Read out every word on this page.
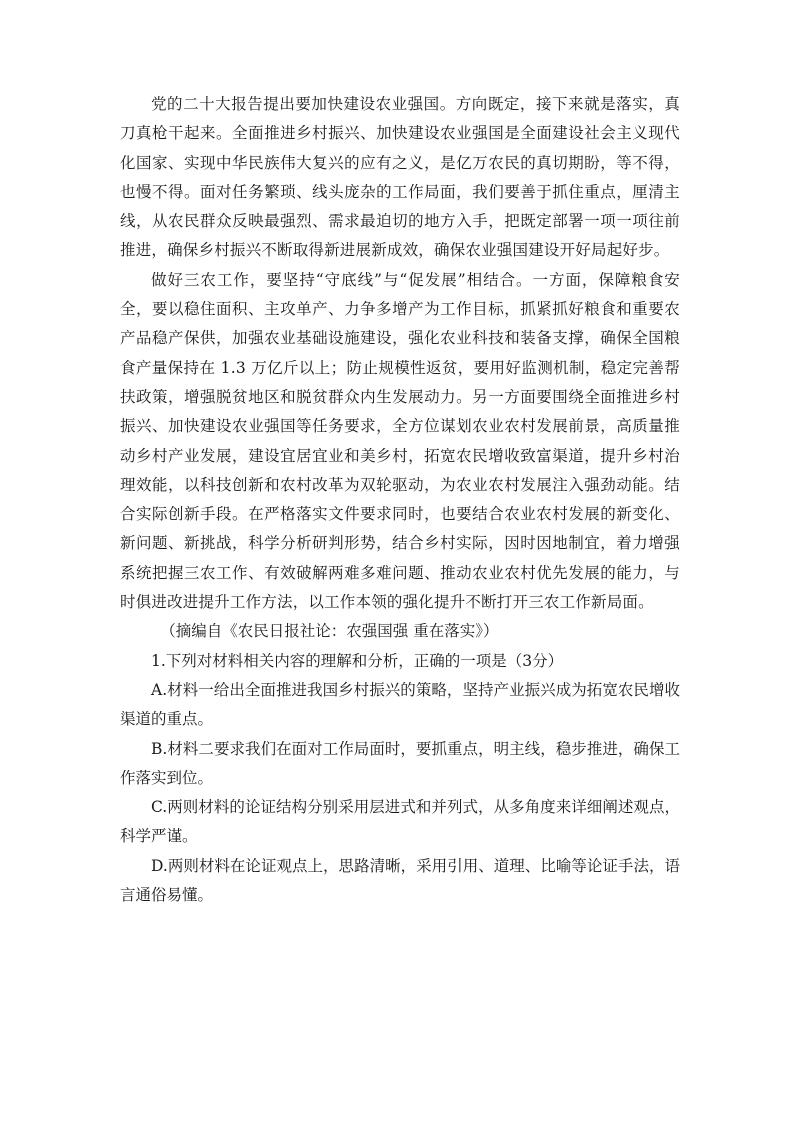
党的二十大报告提出要加快建设农业强国。方向既定，接下来就是落实，真刀真枪干起来。全面推进乡村振兴、加快建设农业强国是全面建设社会主义现代化国家、实现中华民族伟大复兴的应有之义，是亿万农民的真切期盼，等不得，也慢不得。面对任务繁琐、线头庞杂的工作局面，我们要善于抓住重点，厘清主线，从农民群众反映最强烈、需求最迫切的地方入手，把既定部署一项一项往前推进，确保乡村振兴不断取得新进展新成效，确保农业强国建设开好局起好步。

做好三农工作，要坚持“守底线”与“促发展”相结合。一方面，保障粮食安全，要以稳住面积、主攻单产、力争多增产为工作目标，抓紧抓好粮食和重要农产品稳产保供，加强农业基础设施建设，强化农业科技和装备支撑，确保全国粮食产量保持在 1.3 万亿斤以上；防止规模性返贫，要用好监测机制，稳定完善帮扶政策，增强脱贫地区和脱贫群众内生发展动力。另一方面要围绕全面推进乡村振兴、加快建设农业强国等任务要求，全方位谋划农业农村发展前景，高质量推动乡村产业发展，建设宜居宜业和美乡村，拓宽农民增收致富渠道，提升乡村治理效能，以科技创新和农村改革为双轮驱动，为农业农村发展注入强劲动能。结合实际创新手段。在严格落实文件要求同时，也要结合农业农村发展的新变化、新问题、新挑战，科学分析研判形势，结合乡村实际，因时因地制宜，着力增强系统把握三农工作、有效破解两难多难问题、推动农业农村优先发展的能力，与时俱进改进提升工作方法，以工作本领的强化提升不断打开三农工作新局面。

（摘编自《农民日报社论：农强国强 重在落实》）

1.下列对材料相关内容的理解和分析，正确的一项是（3分）

A.材料一给出全面推进我国乡村振兴的策略，坚持产业振兴成为拓宽农民增收渠道的重点。

B.材料二要求我们在面对工作局面时，要抓重点，明主线，稳步推进，确保工作落实到位。

C.两则材料的论证结构分别采用层进式和并列式，从多角度来详细阐述观点，科学严谨。

D.两则材料在论证观点上，思路清晰，采用引用、道理、比喻等论证手法，语言通俗易懂。
